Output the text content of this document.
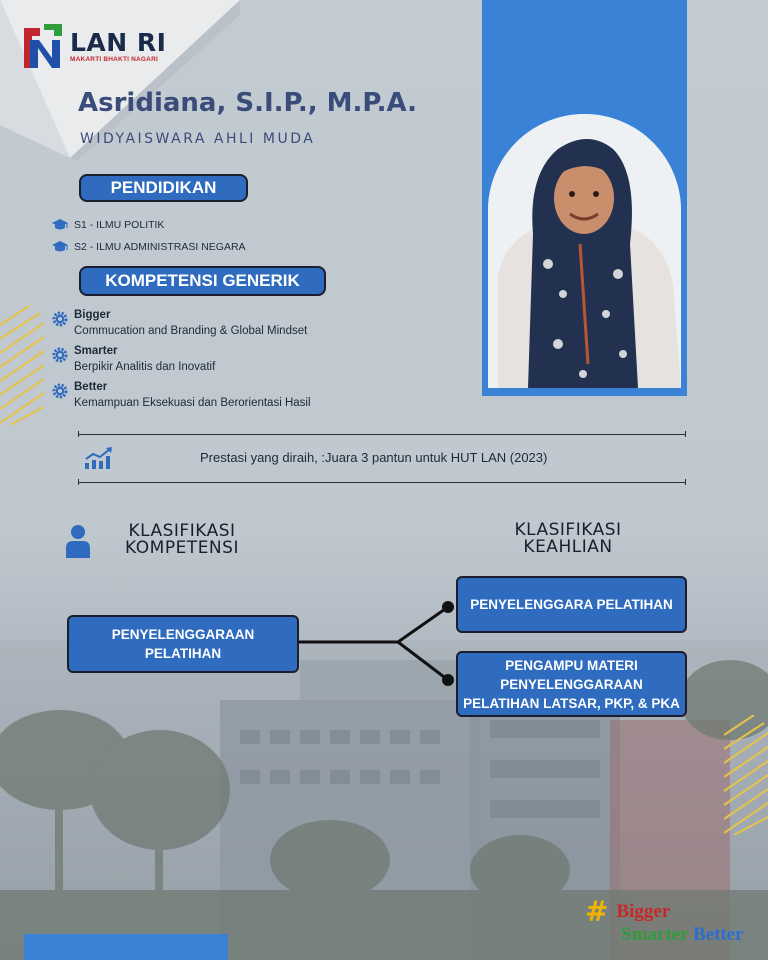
LAN RI
MAKARTI BHAKTI NAGARI
Asridiana, S.I.P., M.P.A.
WIDYAISWARA AHLI MUDA
PENDIDIKAN
S1 - ILMU POLITIK
S2 - ILMU ADMINISTRASI NEGARA
KOMPETENSI GENERIK
Bigger
Commucation and Branding & Global Mindset
Smarter
Berpikir Analitis dan Inovatif
Better
Kemampuan Eksekuasi dan Berorientasi Hasil
Prestasi yang diraih, :Juara 3 pantun untuk HUT LAN (2023)
KLASIFIKASI
KOMPETENSI
KLASIFIKASI
KEAHLIAN
PENYELENGGARAAN
PELATIHAN
PENYELENGGARA PELATIHAN
PENGAMPU MATERI
PENYELENGGARAAN
PELATIHAN LATSAR, PKP, & PKA
# Bigger
Smarter Better
